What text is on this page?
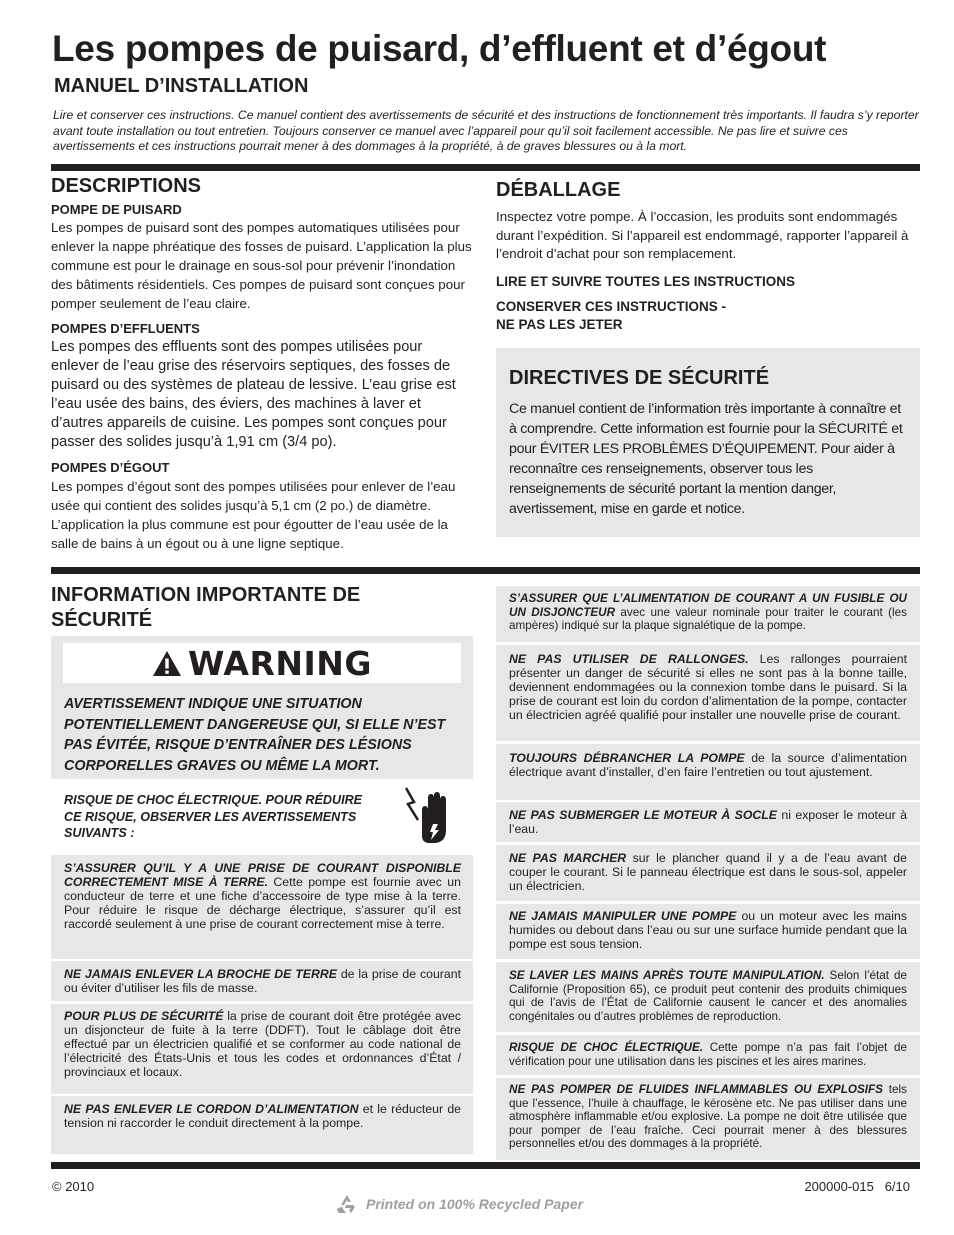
Les pompes de puisard, d’effluent et d’égout
MANUEL D’INSTALLATION
Lire et conserver ces instructions. Ce manuel contient des avertissements de sécurité et des instructions de fonctionnement très importants. Il faudra s’y reporter avant toute installation ou tout entretien. Toujours conserver ce manuel avec l’appareil pour qu’il soit facilement accessible. Ne pas lire et suivre ces avertissements et ces instructions pourrait mener à des dommages à la propriété, à de graves blessures ou à la mort.
DESCRIPTIONS
POMPE DE PUISARD
Les pompes de puisard sont des pompes automatiques utilisées pour enlever la nappe phréatique des fosses de puisard. L’application la plus commune est pour le drainage en sous-sol pour prévenir l’inondation des bâtiments résidentiels. Ces pompes de puisard sont conçues pour pomper seulement de l’eau claire.
POMPES D’EFFLUENTS
Les pompes des effluents sont des pompes utilisées pour enlever de l’eau grise des réservoirs septiques, des fosses de puisard ou des systèmes de plateau de lessive. L’eau grise est l’eau usée des bains, des éviers, des machines à laver et d’autres appareils de cuisine. Les pompes sont conçues pour passer des solides jusqu’à 1,91 cm (3/4 po).
POMPES D’ÉGOUT
Les pompes d’égout sont des pompes utilisées pour enlever de l’eau usée qui contient des solides jusqu’à 5,1 cm (2 po.) de diamètre. L’application la plus commune est pour égoutter de l’eau usée de la salle de bains à un égout ou à une ligne septique.
DÉBALLAGE
Inspectez votre pompe. À l’occasion, les produits sont endommagés durant l’expédition. Si l’appareil est endommagé, rapporter l’appareil à l’endroit d’achat pour son remplacement.
LIRE ET SUIVRE TOUTES LES INSTRUCTIONS
CONSERVER CES INSTRUCTIONS -
NE PAS LES JETER
DIRECTIVES DE SÉCURITÉ
Ce manuel contient de l’information très importante à connaître et à comprendre. Cette information est fournie pour la SÉCURITÉ et pour ÉVITER LES PROBLÈMES D’ÉQUIPEMENT. Pour aider à reconnaître ces renseignements, observer tous les renseignements de sécurité portant la mention danger, avertissement, mise en garde et notice.
INFORMATION IMPORTANTE DE SÉCURITÉ
WARNING
AVERTISSEMENT INDIQUE UNE SITUATION POTENTIELLEMENT DANGEREUSE QUI, SI ELLE N’EST PAS ÉVITÉE, RISQUE D’ENTRAÎNER DES LÉSIONS CORPORELLES GRAVES OU MÊME LA MORT.
RISQUE DE CHOC ÉLECTRIQUE. POUR RÉDUIRE CE RISQUE, OBSERVER LES AVERTISSEMENTS SUIVANTS :
S’ASSURER QU’IL Y A UNE PRISE DE COURANT DISPONIBLE CORRECTEMENT MISE À TERRE. Cette pompe est fournie avec un conducteur de terre et une fiche d’accessoire de type mise à la terre. Pour réduire le risque de décharge électrique, s’assurer qu’il est raccordé seulement à une prise de courant correctement mise à terre.
NE JAMAIS ENLEVER LA BROCHE DE TERRE de la prise de courant ou éviter d’utiliser les fils de masse.
POUR PLUS DE SÉCURITÉ la prise de courant doit être protégée avec un disjoncteur de fuite à la terre (DDFT). Tout le câblage doit être effectué par un électricien qualifié et se conformer au code national de l’électricité des États-Unis et tous les codes et ordonnances d’État / provinciaux et locaux.
NE PAS ENLEVER LE CORDON D’ALIMENTATION et le réducteur de tension ni raccorder le conduit directement à la pompe.
S’ASSURER QUE L’ALIMENTATION DE COURANT A UN FUSIBLE OU UN DISJONCTEUR avec une valeur nominale pour traiter le courant (les ampères) indiqué sur la plaque signalétique de la pompe.
NE PAS UTILISER DE RALLONGES. Les rallonges pourraient présenter un danger de sécurité si elles ne sont pas à la bonne taille, deviennent endommagées ou la connexion tombe dans le puisard. Si la prise de courant est loin du cordon d’alimentation de la pompe, contacter un électricien agréé qualifié pour installer une nouvelle prise de courant.
TOUJOURS DÉBRANCHER LA POMPE de la source d’alimentation électrique avant d’installer, d’en faire l’entretien ou tout ajustement.
NE PAS SUBMERGER LE MOTEUR À SOCLE ni exposer le moteur à l’eau.
NE PAS MARCHER sur le plancher quand il y a de l’eau avant de couper le courant. Si le panneau électrique est dans le sous-sol, appeler un électricien.
NE JAMAIS MANIPULER UNE POMPE ou un moteur avec les mains humides ou debout dans l’eau ou sur une surface humide pendant que la pompe est sous tension.
SE LAVER LES MAINS APRÈS TOUTE MANIPULATION. Selon l’état de Californie (Proposition 65), ce produit peut contenir des produits chimiques qui de l’avis de l’État de Californie causent le cancer et des anomalies congénitales ou d’autres problèmes de reproduction.
RISQUE DE CHOC ÉLECTRIQUE. Cette pompe n’a pas fait l’objet de vérification pour une utilisation dans les piscines et les aires marines.
NE PAS POMPER DE FLUIDES INFLAMMABLES OU EXPLOSIFS tels que l’essence, l’huile à chauffage, le kérosène etc. Ne pas utiliser dans une atmosphère inflammable et/ou explosive. La pompe ne doit être utilisée que pour pomper de l’eau fraîche. Ceci pourrait mener à des blessures personnelles et/ou des dommages à la propriété.
© 2010
Printed on 100% Recycled Paper
200000-015 6/10
